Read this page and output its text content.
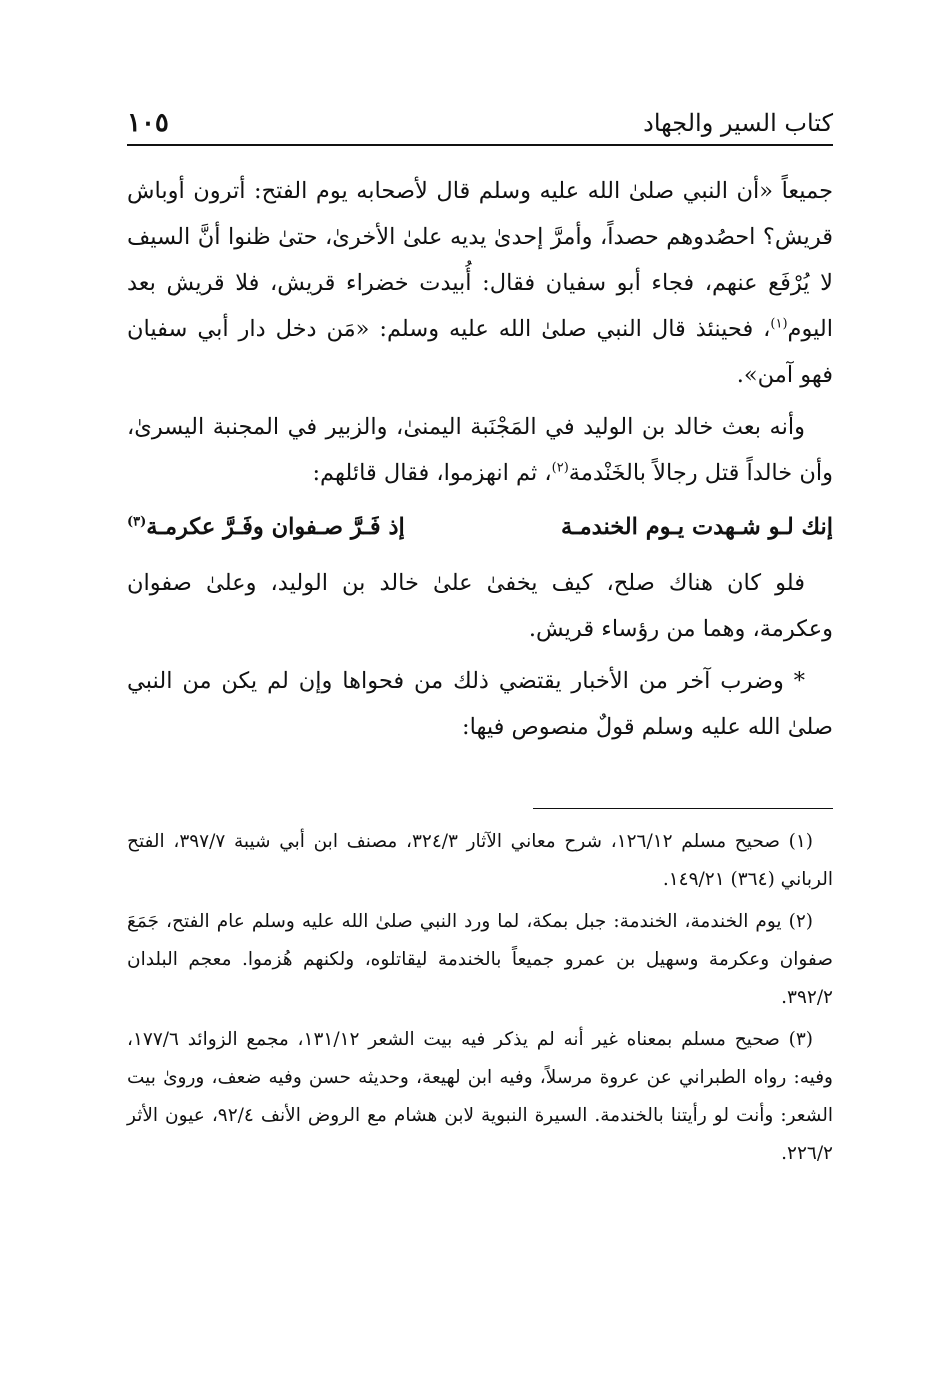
كتاب السير والجهاد
١٠٥

جميعاً «أن النبي صلىٰ الله عليه وسلم قال لأصحابه يوم الفتح: أترون أوباش قريش؟ احصُدوهم حصداً، وأمرَّ إحدىٰ يديه علىٰ الأخرىٰ، حتىٰ ظنوا أنَّ السيف لا يُرْفَع عنهم، فجاء أبو سفيان فقال: أُبيدت خضراء قريش، فلا قريش بعد اليوم$^{(١)}$، فحينئذ قال النبي صلىٰ الله عليه وسلم: «مَن دخل دار أبي سفيان فهو آمن».

وأنه بعث خالد بن الوليد في المَجْنَبة اليمنىٰ، والزبير في المجنبة اليسرىٰ، وأن خالداً قتل رجالاً بالخَنْدمة$^{(٢)}$، ثم انهزموا، فقال قائلهم:

إنك لـو شـهدت يـوم الخندمـة
إذ فَـرَّ صـفوان وفَـرَّ عكرمـة$^{(٣)}$

فلو كان هناك صلح، كيف يخفىٰ علىٰ خالد بن الوليد، وعلىٰ صفوان وعكرمة، وهما من رؤساء قريش.

* وضرب آخر من الأخبار يقتضي ذلك من فحواها وإن لم يكن من النبي صلىٰ الله عليه وسلم قولٌ منصوص فيها:

(١) صحيح مسلم ١٢٦/١٢، شرح معاني الآثار ٣٢٤/٣، مصنف ابن أبي شيبة ٣٩٧/٧، الفتح الرباني (٣٦٤) ١٤٩/٢١.

(٢) يوم الخندمة، الخندمة: جبل بمكة، لما ورد النبي صلىٰ الله عليه وسلم عام الفتح، جَمَعَ صفوان وعكرمة وسهيل بن عمرو جميعاً بالخندمة ليقاتلوه، ولكنهم هُزموا. معجم البلدان ٣٩٢/٢.

(٣) صحيح مسلم بمعناه غير أنه لم يذكر فيه بيت الشعر ١٣١/١٢، مجمع الزوائد ١٧٧/٦، وفيه: رواه الطبراني عن عروة مرسلاً، وفيه ابن لهيعة، وحديثه حسن وفيه ضعف، وروىٰ بيت الشعر: وأنت لو رأيتنا بالخندمة. السيرة النبوية لابن هشام مع الروض الأنف ٩٢/٤، عيون الأثر ٢٢٦/٢.
